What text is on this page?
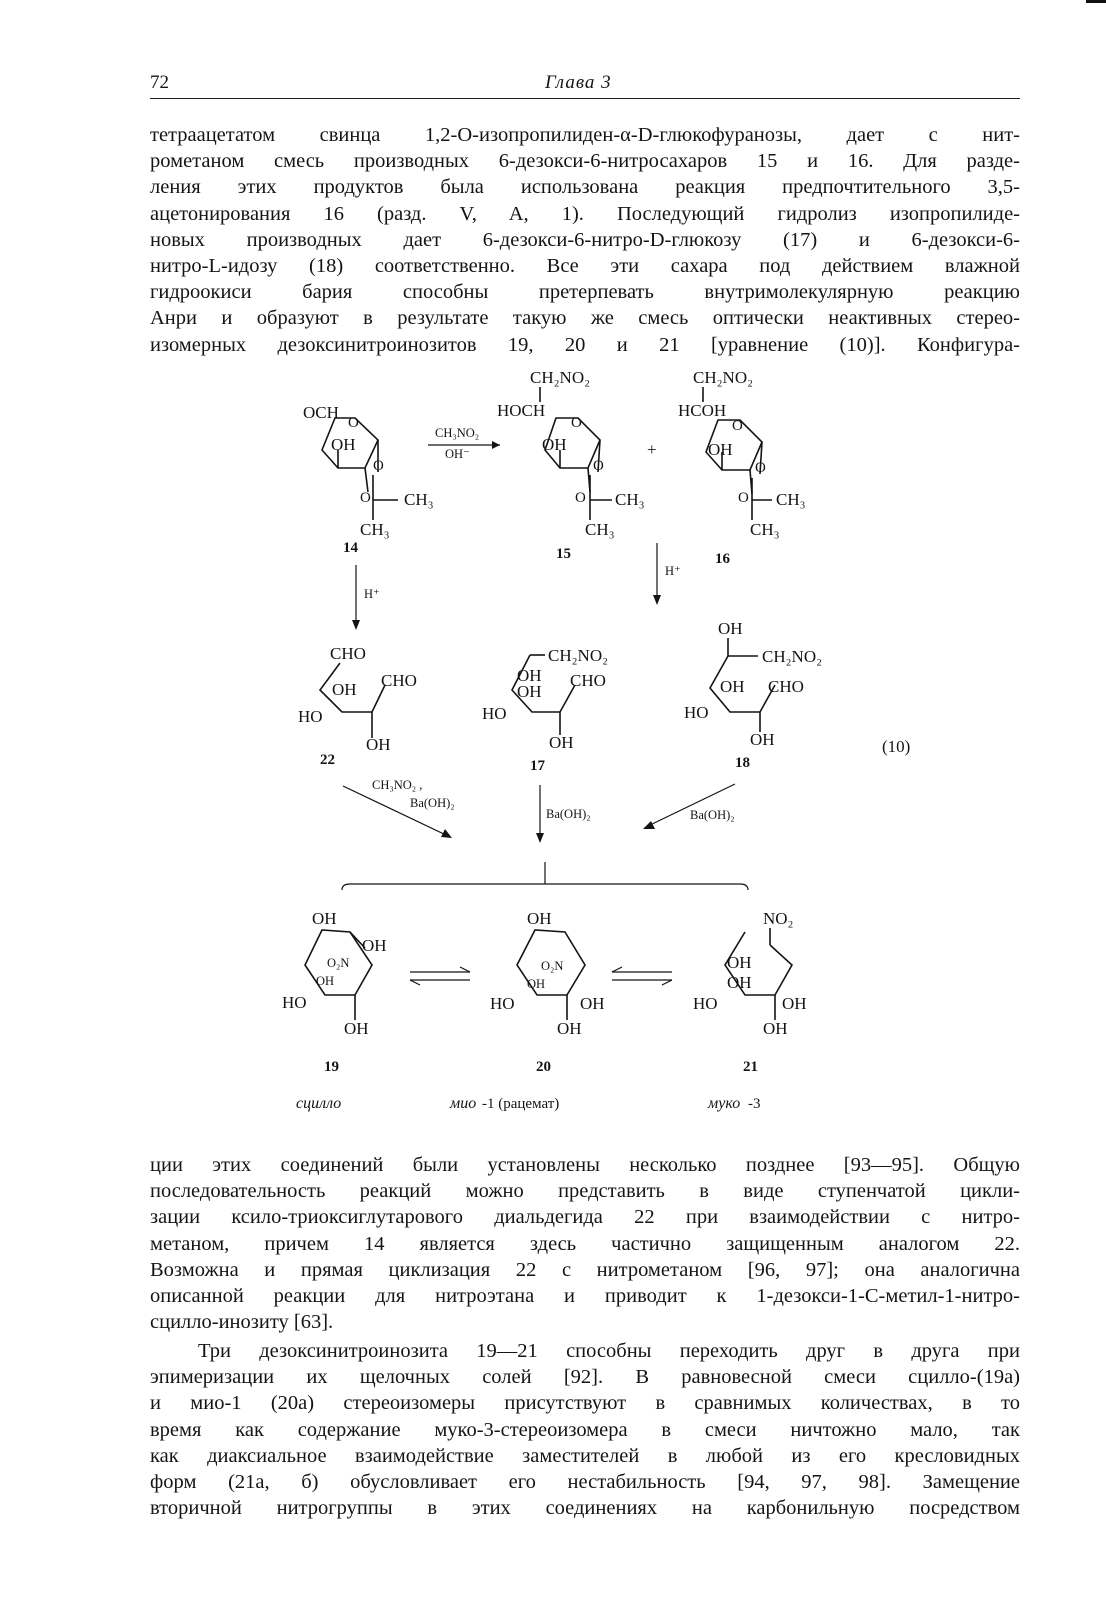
72	Глава 3
тетраацетатом свинца 1,2-О-изопропилиден-α-D-глюкофуранозы, дает с нит-
рометаном смесь производных 6-дезокси-6-нитросахаров 15 и 16. Для разде-
ления этих продуктов была использована реакция предпочтительного 3,5-
ацетонирования 16 (разд. V, A, 1). Последующий гидролиз изопропилиде-
новых производных дает 6-дезокси-6-нитро-D-глюкозу (17) и 6-дезокси-6-
нитро-L-идозу (18) соответственно. Все эти сахара под действием влажной
гидроокиси бария способны претерпевать внутримолекулярную реакцию
Анри и образуют в результате такую же смесь оптически неактивных стерео-
изомерных дезоксинитроинозитов 19, 20 и 21 [уравнение (10)]. Конфигура-
OCH
O
OH
O
O CH₃
CH₃
14
CH₃NO₂
OH⁻
CH₂NO₂
HOCH
O
OH
O
O CH₃
CH₃
15
+
CH₂NO₂
HCOH
O
OH
O
O CH₃
CH₃
16
H⁺
H⁺
CHO
OH CHO
HO
OH
22
CH₂NO₂
OH
OH
CHO
HO
OH
17
OH
CH₂NO₂
OH CHO
HO
OH
18
(10)
CH₃NO₂ ,
Ba(OH)₂
Ba(OH)₂	Ba(OH)₂
OH
OH
O₂N
OH
HO
OH
19
сцилло
OH
O₂N
OH
HO	OH
OH
20
мио -1 (рацемат)
NO₂
OH
OH
HO	OH
OH
21
муко -3
ции этих соединений были установлены несколько позднее [93—95]. Общую
последовательность реакций можно представить в виде ступенчатой цикли-
зации ксило-триоксиглутарового диальдегида 22 при взаимодействии с нитро-
метаном, причем 14 является здесь частично защищенным аналогом 22.
Возможна и прямая циклизация 22 с нитрометаном [96, 97]; она аналогична
описанной реакции для нитроэтана и приводит к 1-дезокси-1-С-метил-1-нитро-
сцилло-инозиту [63].
Три дезоксинитроинозита 19—21 способны переходить друг в друга при
эпимеризации их щелочных солей [92]. В равновесной смеси сцилло-(19а)
и мио-1 (20а) стереоизомеры присутствуют в сравнимых количествах, в то
время как содержание муко-3-стереоизомера в смеси ничтожно мало, так
как диаксиальное взаимодействие заместителей в любой из его кресловидных
форм (21а, б) обусловливает его нестабильность [94, 97, 98]. Замещение
вторичной нитрогруппы в этих соединениях на карбонильную посредством
